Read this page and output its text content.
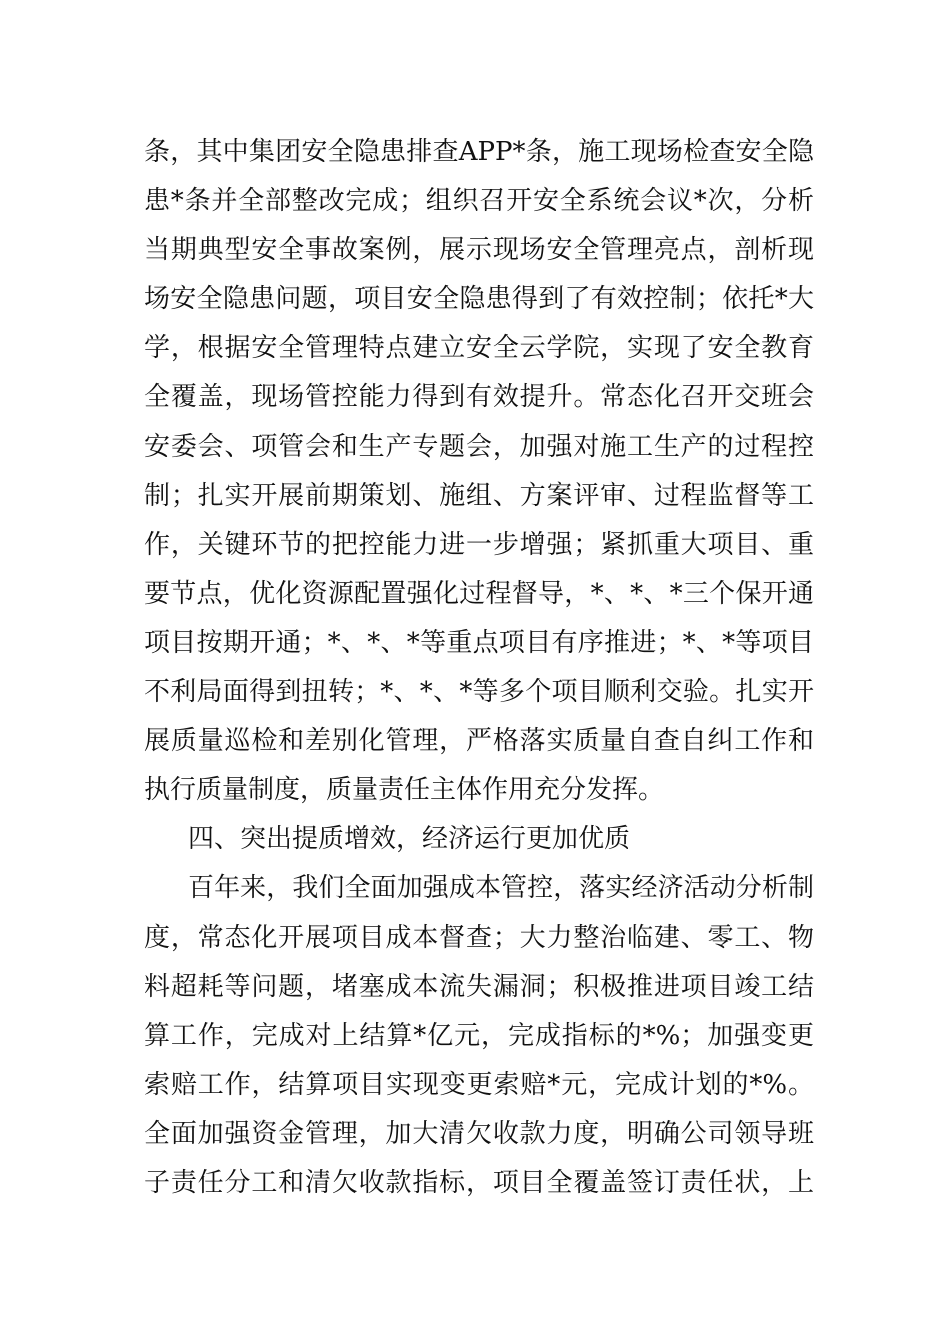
条，其中集团安全隐患排查APP*条，施工现场检查安全隐
患*条并全部整改完成；组织召开安全系统会议*次，分析
当期典型安全事故案例，展示现场安全管理亮点，剖析现
场安全隐患问题，项目安全隐患得到了有效控制；依托*大
学，根据安全管理特点建立安全云学院，实现了安全教育
全覆盖，现场管控能力得到有效提升。常态化召开交班会
安委会、项管会和生产专题会，加强对施工生产的过程控
制；扎实开展前期策划、施组、方案评审、过程监督等工
作，关键环节的把控能力进一步增强；紧抓重大项目、重
要节点，优化资源配置强化过程督导，*、*、*三个保开通
项目按期开通；*、*、*等重点项目有序推进；*、*等项目
不利局面得到扭转；*、*、*等多个项目顺利交验。扎实开
展质量巡检和差别化管理，严格落实质量自查自纠工作和
执行质量制度，质量责任主体作用充分发挥。
四、突出提质增效，经济运行更加优质
百年来，我们全面加强成本管控，落实经济活动分析制
度，常态化开展项目成本督查；大力整治临建、零工、物
料超耗等问题，堵塞成本流失漏洞；积极推进项目竣工结
算工作，完成对上结算*亿元，完成指标的*%；加强变更
索赔工作，结算项目实现变更索赔*元，完成计划的*%。
全面加强资金管理，加大清欠收款力度，明确公司领导班
子责任分工和清欠收款指标，项目全覆盖签订责任状，上
